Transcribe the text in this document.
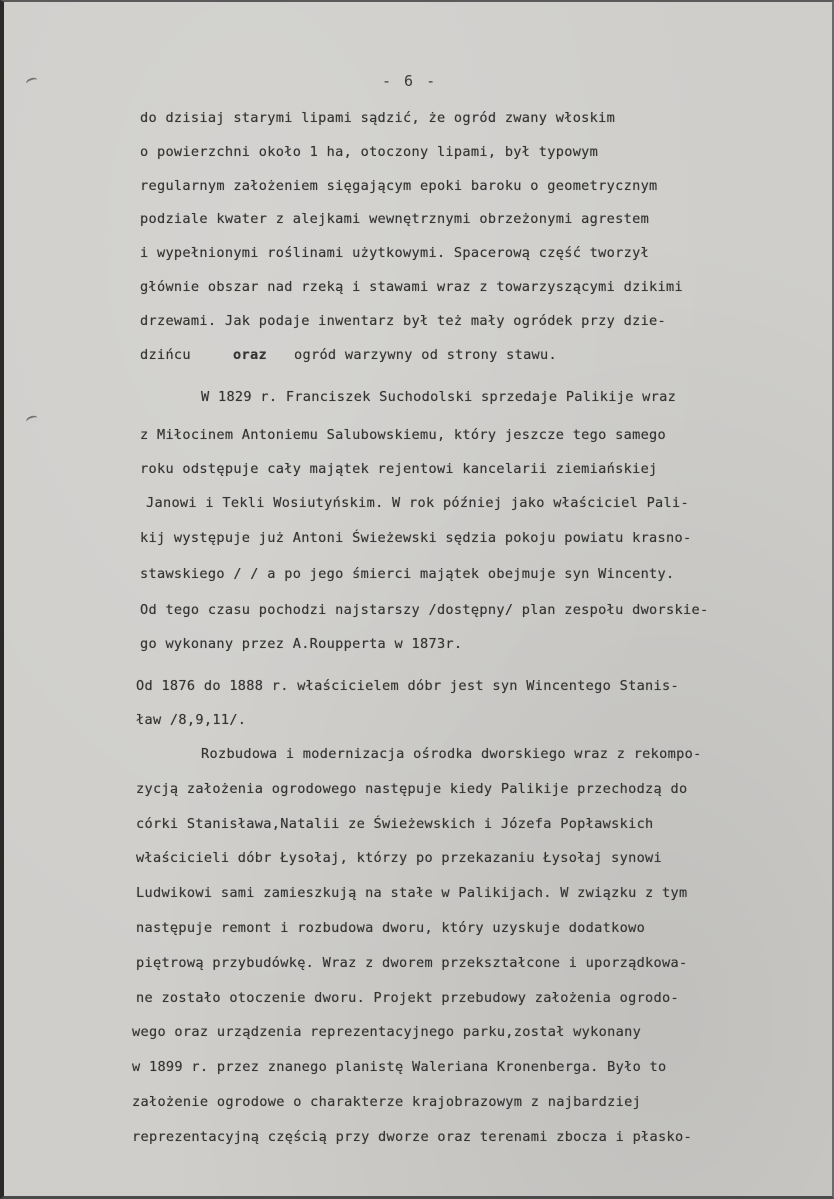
- 6 -
do dzisiaj starymi lipami sądzić, że ogród zwany włoskim
o powierzchni około 1 ha, otoczony lipami, był typowym
regularnym założeniem sięgającym epoki baroku o geometrycznym
podziale kwater z alejkami wewnętrznymi obrzeżonymi agrestem
i wypełnionymi roślinami użytkowymi. Spacerową część tworzył
głównie obszar nad rzeką i stawami wraz z towarzyszącymi dzikimi
drzewami. Jak podaje inwentarz był też mały ogródek przy dzie-
dzińcu	oraz ogród warzywny od strony stawu.
W 1829 r. Franciszek Suchodolski sprzedaje Palikije wraz
z Miłocinem Antoniemu Salubowskiemu, który jeszcze tego samego
roku odstępuje cały majątek rejentowi kancelarii ziemiańskiej
Janowi i Tekli Wosiutyńskim. W rok później jako właściciel Pali-
kij występuje już Antoni Świeżewski sędzia pokoju powiatu krasno-
stawskiego / / a po jego śmierci majątek obejmuje syn Wincenty.
Od tego czasu pochodzi najstarszy /dostępny/ plan zespołu dworskie-
go wykonany przez A.Roupperta w 1873r.
Od 1876 do 1888 r. właścicielem dóbr jest syn Wincentego Stanis-
ław /8,9,11/.
Rozbudowa i modernizacja ośrodka dworskiego wraz z rekompo-
zycją założenia ogrodowego następuje kiedy Palikije przechodzą do
córki Stanisława,Natalii ze Świeżewskich i Józefa Popławskich
właścicieli dóbr Łysołaj, którzy po przekazaniu Łysołaj synowi
Ludwikowi sami zamieszkują na stałe w Palikijach. W związku z tym
następuje remont i rozbudowa dworu, który uzyskuje dodatkowo
piętrową przybudówkę. Wraz z dworem przekształcone i uporządkowa-
ne zostało otoczenie dworu. Projekt przebudowy założenia ogrodo-
wego oraz urządzenia reprezentacyjnego parku,został wykonany
w 1899 r. przez znanego planistę Waleriana Kronenberga. Było to
założenie ogrodowe o charakterze krajobrazowym z najbardziej
reprezentacyjną częścią przy dworze oraz terenami zbocza i płasko-
